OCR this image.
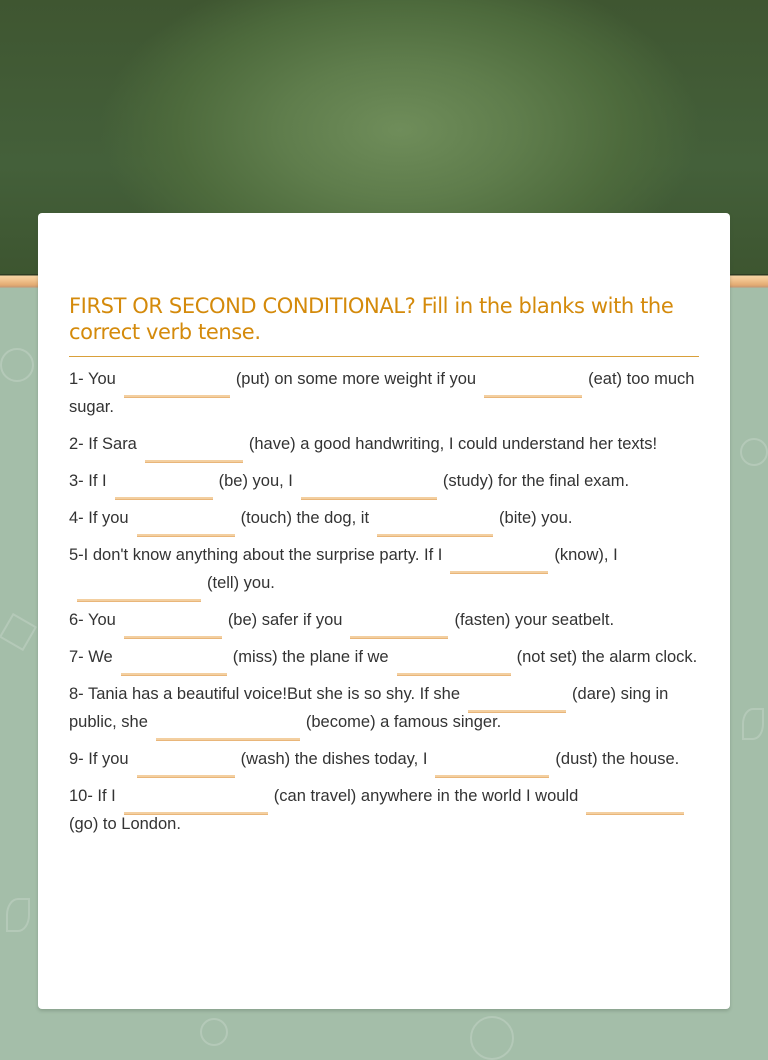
FIRST OR SECOND CONDITIONAL? Fill in the blanks with the correct verb tense.

1- You	(put) on some more weight if you	(eat) too much sugar.

2- If Sara	(have) a good handwriting, I could understand her texts!

3- If I	(be) you, I	(study) for the final exam.

4- If you	(touch) the dog, it	(bite) you.

5-I don't know anything about the surprise party. If I	(know), I(tell) you.

6- You	(be) safer if you	(fasten) your seatbelt.

7- We	(miss) the plane if we	(not set) the alarm clock.

8- Tania has a beautiful voice!But she is so shy. If she	(dare) sing in public, she	(become) a famous singer.

9- If you	(wash) the dishes today, I	(dust) the house.

10- If I	(can travel) anywhere in the world I would(go) to London.
